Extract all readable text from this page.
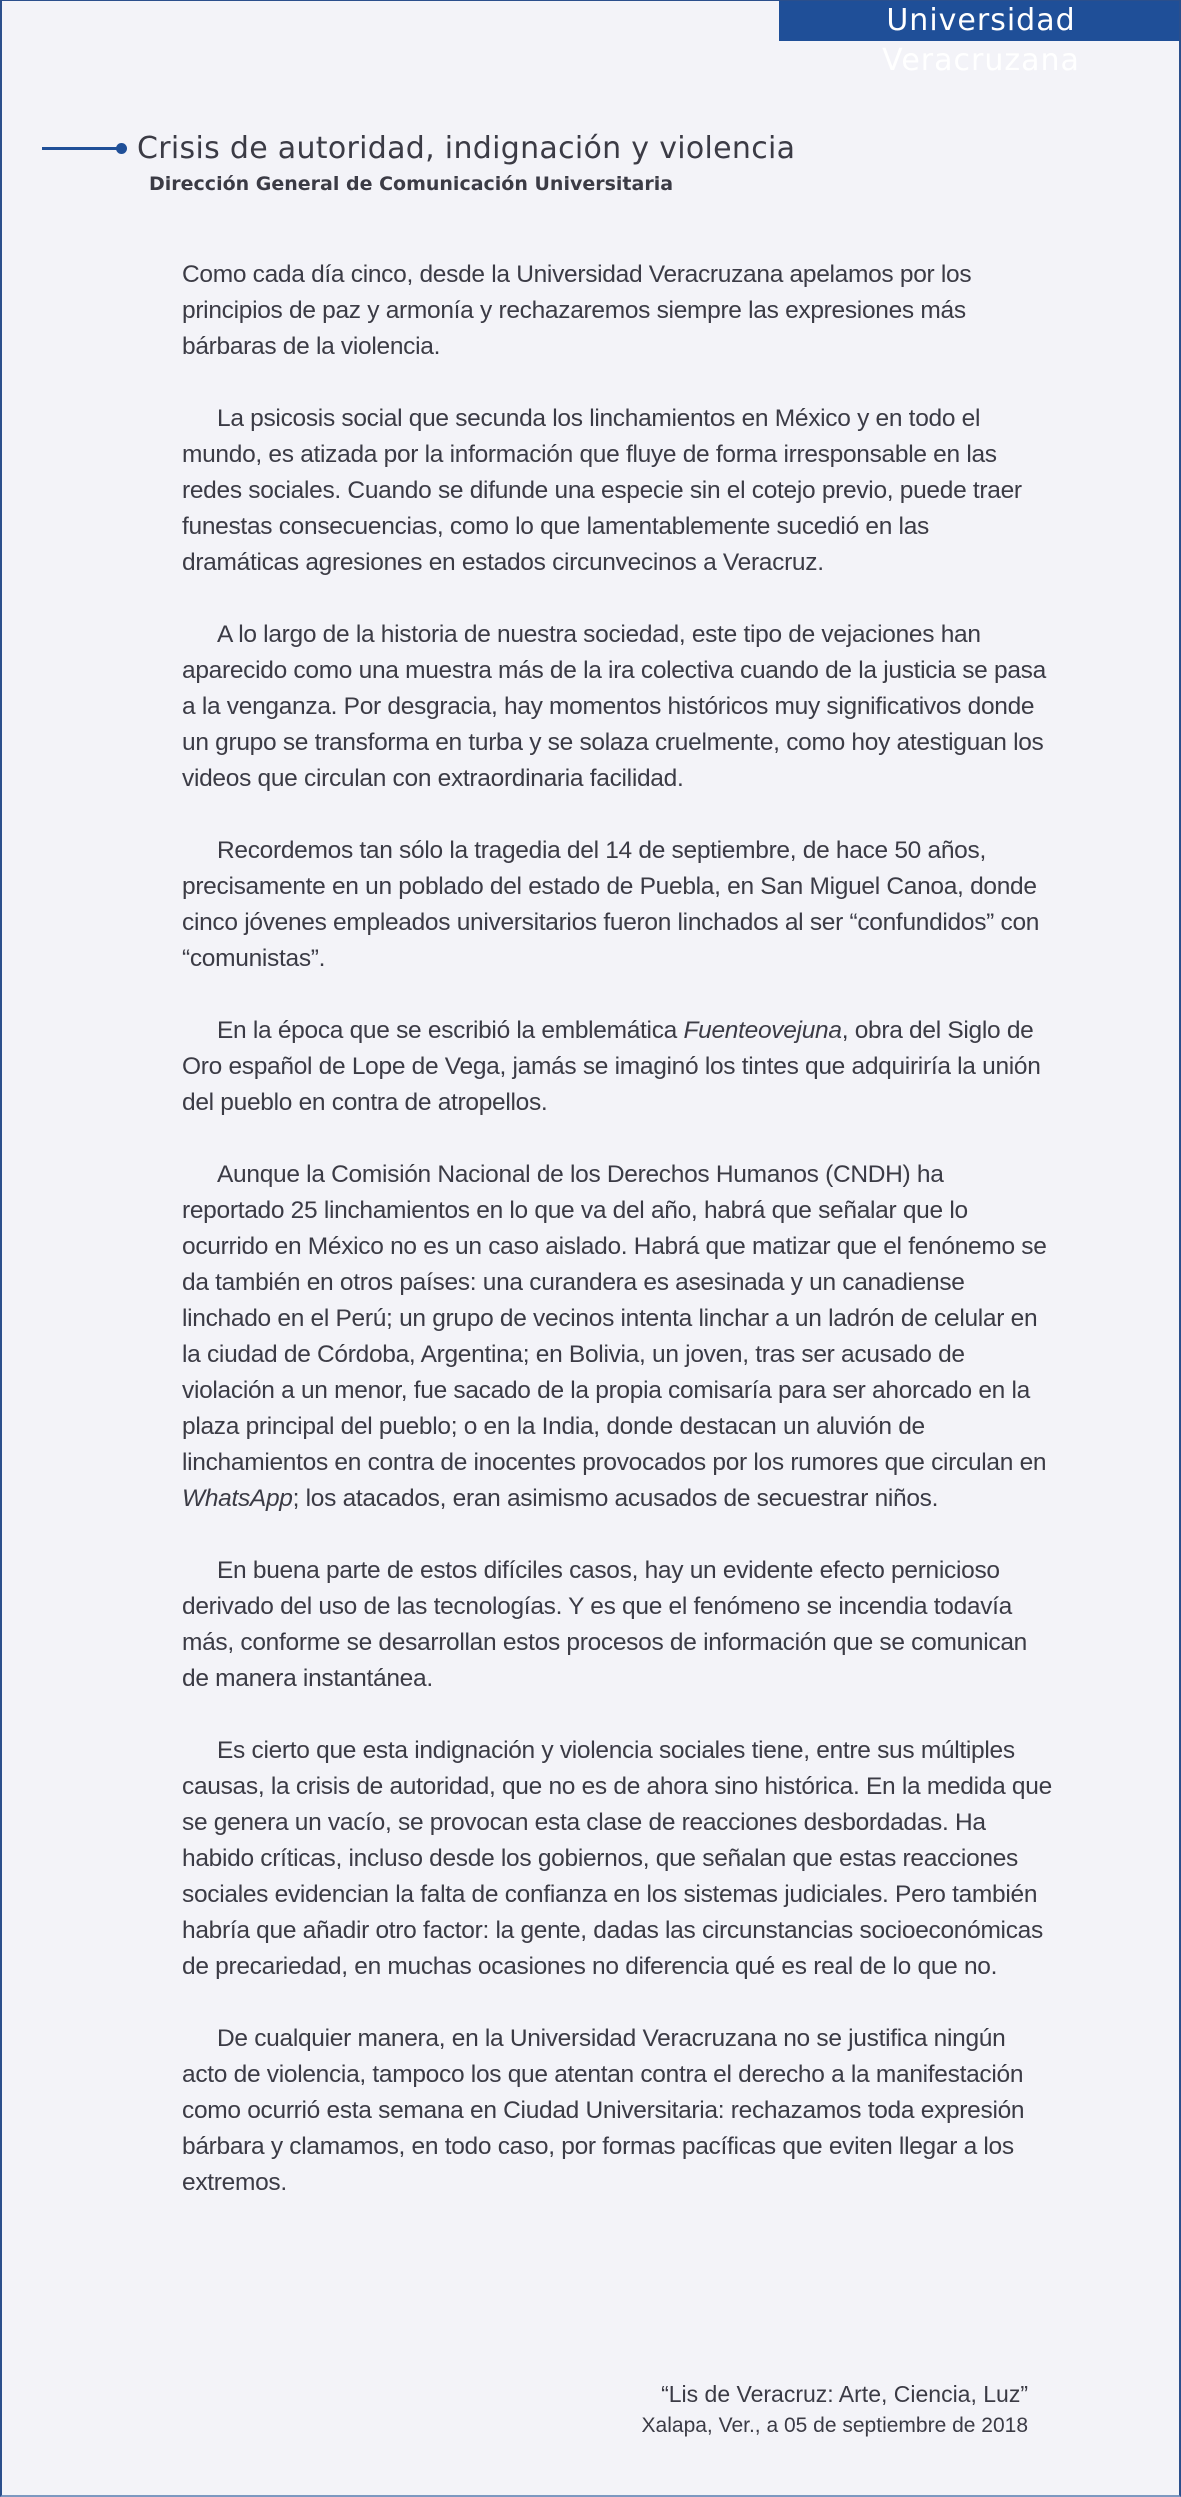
Universidad Veracruzana
Crisis de autoridad, indignación y violencia
Dirección General de Comunicación Universitaria

Como cada día cinco, desde la Universidad Veracruzana apelamos por los principios de paz y armonía y rechazaremos siempre las expresiones más bárbaras de la violencia.

La psicosis social que secunda los linchamientos en México y en todo el mundo, es atizada por la información que fluye de forma irresponsable en las redes sociales. Cuando se difunde una especie sin el cotejo previo, puede traer funestas consecuencias, como lo que lamentablemente sucedió en las dramáticas agresiones en estados circunvecinos a Veracruz.

A lo largo de la historia de nuestra sociedad, este tipo de vejaciones han aparecido como una muestra más de la ira colectiva cuando de la justicia se pasa a la venganza. Por desgracia, hay momentos históricos muy significativos donde un grupo se transforma en turba y se solaza cruelmente, como hoy atestiguan los videos que circulan con extraordinaria facilidad.

Recordemos tan sólo la tragedia del 14 de septiembre, de hace 50 años, precisamente en un poblado del estado de Puebla, en San Miguel Canoa, donde cinco jóvenes empleados universitarios fueron linchados al ser “confundidos” con “comunistas”.

En la época que se escribió la emblemática Fuenteovejuna, obra del Siglo de Oro español de Lope de Vega, jamás se imaginó los tintes que adquiriría la unión del pueblo en contra de atropellos.

Aunque la Comisión Nacional de los Derechos Humanos (CNDH) ha reportado 25 linchamientos en lo que va del año, habrá que señalar que lo ocurrido en México no es un caso aislado. Habrá que matizar que el fenónemo se da también en otros países: una curandera es asesinada y un canadiense linchado en el Perú; un grupo de vecinos intenta linchar a un ladrón de celular en la ciudad de Córdoba, Argentina; en Bolivia, un joven, tras ser acusado de violación a un menor, fue sacado de la propia comisaría para ser ahorcado en la plaza principal del pueblo; o en la India, donde destacan un aluvión de linchamientos en contra de inocentes provocados por los rumores que circulan en WhatsApp; los atacados, eran asimismo acusados de secuestrar niños.

En buena parte de estos difíciles casos, hay un evidente efecto pernicioso derivado del uso de las tecnologías. Y es que el fenómeno se incendia todavía más, conforme se desarrollan estos procesos de información que se comunican de manera instantánea.

Es cierto que esta indignación y violencia sociales tiene, entre sus múltiples causas, la crisis de autoridad, que no es de ahora sino histórica. En la medida que se genera un vacío, se provocan esta clase de reacciones desbordadas. Ha habido críticas, incluso desde los gobiernos, que señalan que estas reacciones sociales evidencian la falta de confianza en los sistemas judiciales. Pero también habría que añadir otro factor: la gente, dadas las circunstancias socioeconómicas de precariedad, en muchas ocasiones no diferencia qué es real de lo que no.

De cualquier manera, en la Universidad Veracruzana no se justifica ningún acto de violencia, tampoco los que atentan contra el derecho a la manifestación como ocurrió esta semana en Ciudad Universitaria: rechazamos toda expresión bárbara y clamamos, en todo caso, por formas pacíficas que eviten llegar a los extremos.

“Lis de Veracruz: Arte, Ciencia, Luz”
Xalapa, Ver., a 05 de septiembre de 2018
